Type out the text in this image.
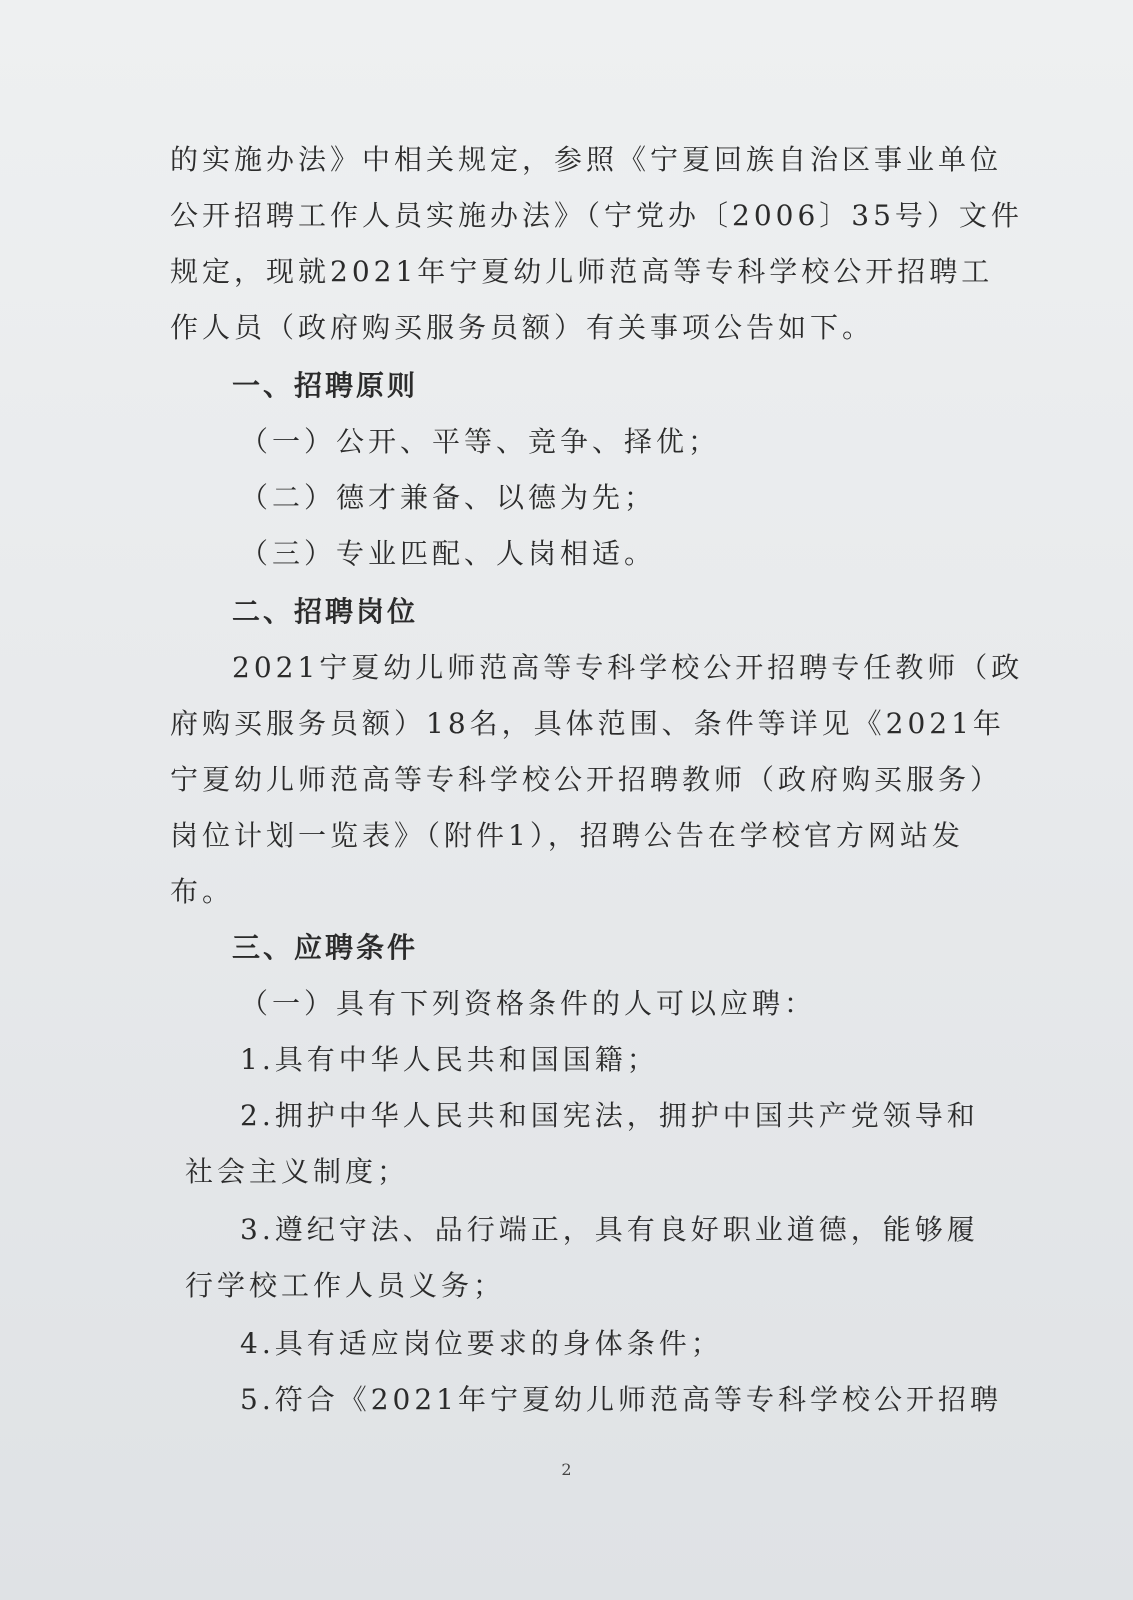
的实施办法》中相关规定，参照《宁夏回族自治区事业单位
公开招聘工作人员实施办法》（宁党办〔2006〕35号）文件
规定，现就2021年宁夏幼儿师范高等专科学校公开招聘工
作人员（政府购买服务员额）有关事项公告如下。
一、招聘原则
（一）公开、平等、竞争、择优；
（二）德才兼备、以德为先；
（三）专业匹配、人岗相适。
二、招聘岗位
2021宁夏幼儿师范高等专科学校公开招聘专任教师（政
府购买服务员额）18名，具体范围、条件等详见《2021年
宁夏幼儿师范高等专科学校公开招聘教师（政府购买服务）
岗位计划一览表》（附件1），招聘公告在学校官方网站发
布。
三、应聘条件
（一）具有下列资格条件的人可以应聘：
1.具有中华人民共和国国籍；
2.拥护中华人民共和国宪法，拥护中国共产党领导和
社会主义制度；
3.遵纪守法、品行端正，具有良好职业道德，能够履
行学校工作人员义务；
4.具有适应岗位要求的身体条件；
5.符合《2021年宁夏幼儿师范高等专科学校公开招聘
2
